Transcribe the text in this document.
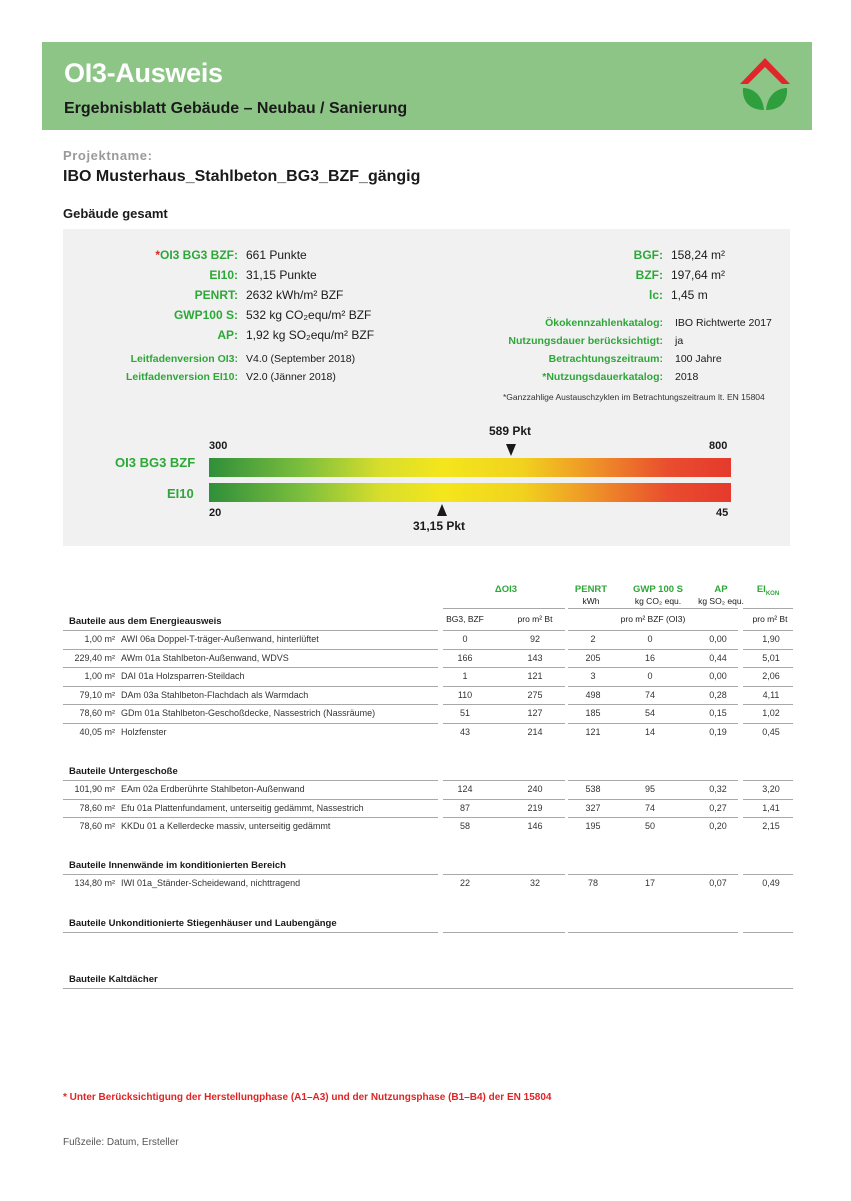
OI3-Ausweis
Ergebnisblatt Gebäude – Neubau / Sanierung
Projektname:
IBO Musterhaus_Stahlbeton_BG3_BZF_gängig
Gebäude gesamt
*OI3 BG3 BZF: 661 Punkte
EI10: 31,15 Punkte
PENRT: 2632 kWh/m² BZF
GWP100 S: 532 kg CO₂equ/m² BZF
AP: 1,92 kg SO₂equ/m² BZF
Leitfadenversion OI3: V4.0 (September 2018)
Leitfadenversion EI10: V2.0 (Jänner 2018)
BGF: 158,24 m²
BZF: 197,64 m²
lc: 1,45 m
Ökokennzahlenkatalog:	IBO Richtwerte 2017
Nutzungsdauer berücksichtigt:	ja
Betrachtungszeitraum:	100 Jahre
*Nutzungsdauerkatalog:	2018
*Ganzzahlige Austauschzyklen im Betrachtungszeitraum lt. EN 15804
589 Pkt
300	800
OI3 BG3 BZF
EI10
20	45
31,15 Pkt
ΔOI3	PENRT
kWh
GWP 100 S
kg CO₂ equ.
AP
kg SO₂ equ.
$EI_{KON}$
BG3, BZF	pro m² Bt	pro m² BZF (OI3)	pro m² Bt
Bauteile aus dem Energieausweis
1,00 m² AWI 06a Doppel-T-träger-Außenwand, hinterlüftet	0	92	2	0	0,00	1,90
229,40 m² AWm 01a Stahlbeton-Außenwand, WDVS	166	143	205	16	0,44	5,01
1,00 m² DAI 01a Holzsparren-Steildach	1	121	3	0	0,00	2,06
79,10 m² DAm 03a Stahlbeton-Flachdach als Warmdach	110	275	498	74	0,28	4,11
78,60 m² GDm 01a Stahlbeton-Geschoßdecke, Nassestrich (Nassräume)	51	127	185	54	0,15	1,02
40,05 m² Holzfenster	43	214	121	14	0,19	0,45
Bauteile Untergeschoße
101,90 m² EAm 02a Erdberührte Stahlbeton-Außenwand	124	240	538	95	0,32	3,20
78,60 m² Efu 01a Plattenfundament, unterseitig gedämmt, Nassestrich	87	219	327	74	0,27	1,41
78,60 m² KKDu 01 a Kellerdecke massiv, unterseitig gedämmt	58	146	195	50	0,20	2,15
Bauteile Innenwände im konditionierten Bereich
134,80 m² IWI 01a_Ständer-Scheidewand, nichttragend	22	32	78	17	0,07	0,49
Bauteile Unkonditionierte Stiegenhäuser und Laubengänge
Bauteile Kaltdächer
* Unter Berücksichtigung der Herstellungphase (A1–A3) und der Nutzungsphase (B1–B4) der EN 15804
Fußzeile: Datum, Ersteller
